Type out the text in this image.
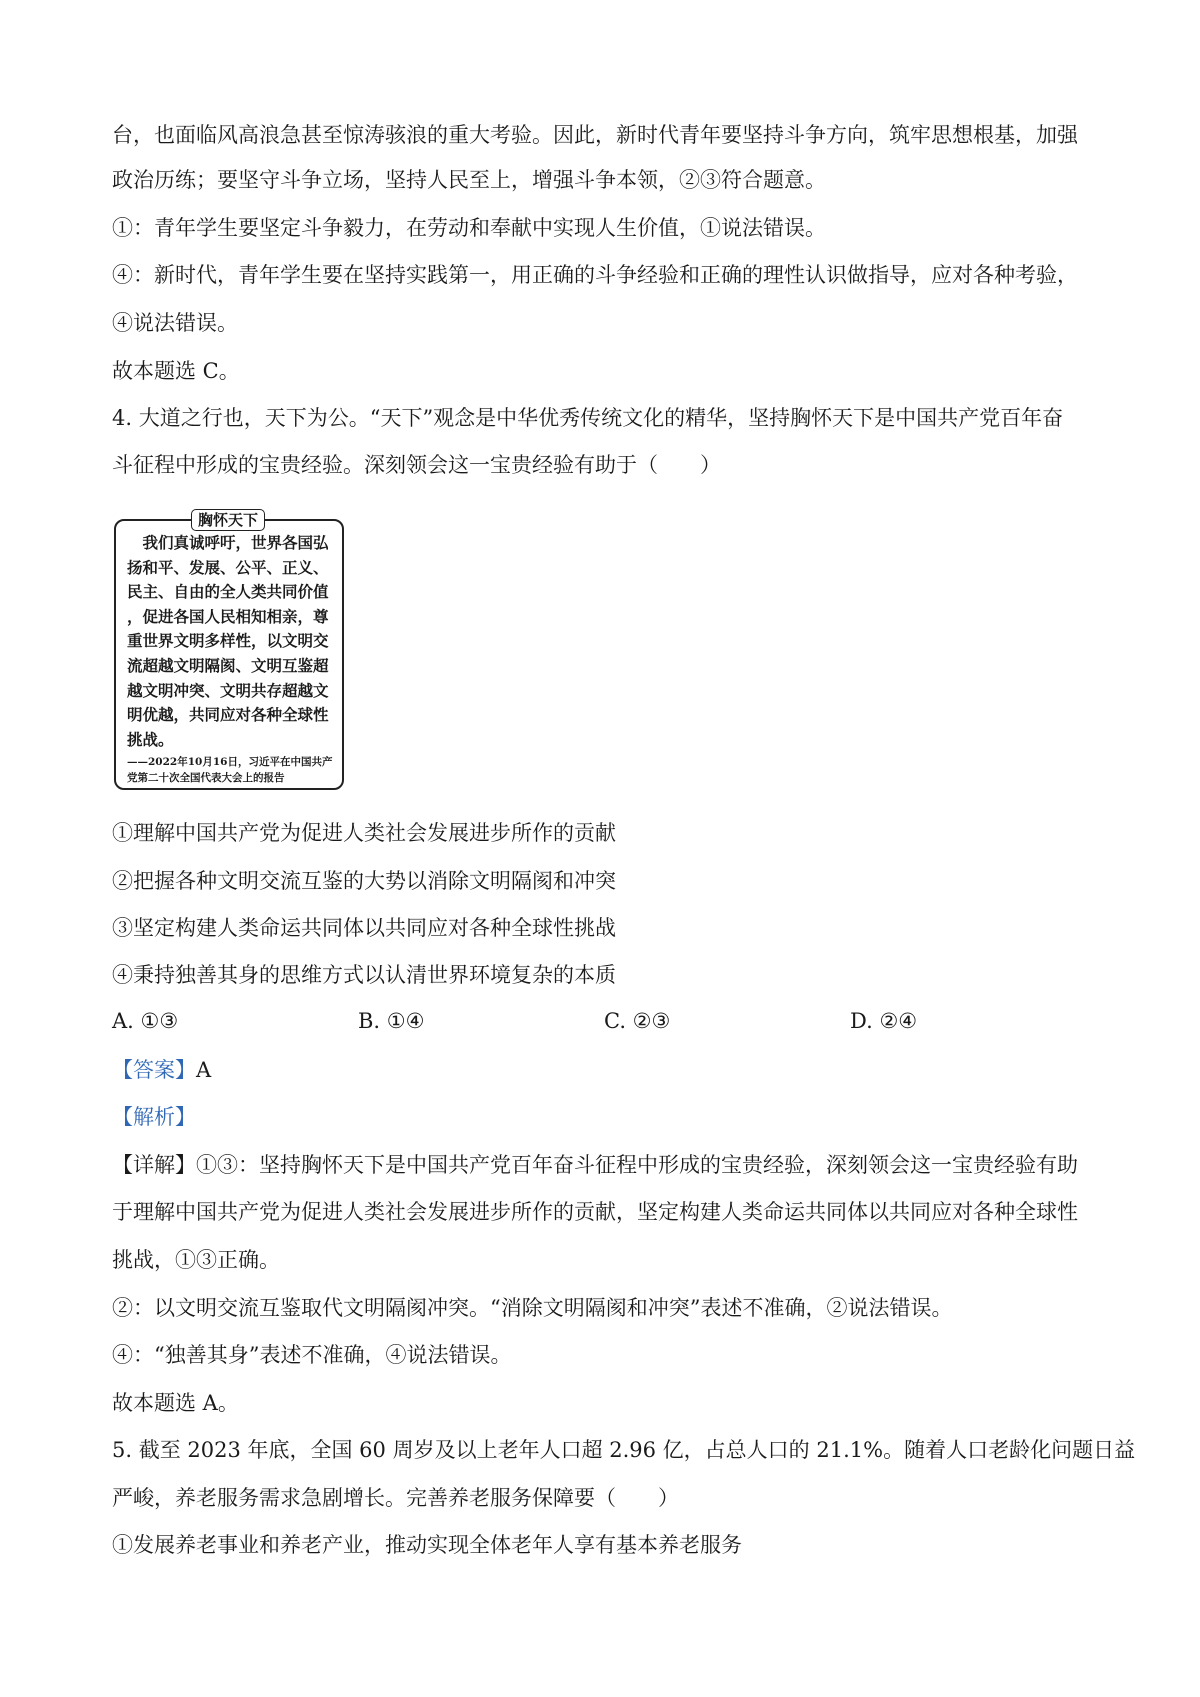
台，也面临风高浪急甚至惊涛骇浪的重大考验。因此，新时代青年要坚持斗争方向，筑牢思想根基，加强
政治历练；要坚守斗争立场，坚持人民至上，增强斗争本领，②③符合题意。
①：青年学生要坚定斗争毅力，在劳动和奉献中实现人生价值，①说法错误。
④：新时代，青年学生要在坚持实践第一，用正确的斗争经验和正确的理性认识做指导，应对各种考验，
④说法错误。
故本题选 C。
4. 大道之行也，天下为公。“天下”观念是中华优秀传统文化的精华，坚持胸怀天下是中国共产党百年奋
斗征程中形成的宝贵经验。深刻领会这一宝贵经验有助于（　　）
胸怀天下
　我们真诚呼吁，世界各国弘
扬和平、发展、公平、正义、
民主、自由的全人类共同价值
，促进各国人民相知相亲，尊
重世界文明多样性，以文明交
流超越文明隔阂、文明互鉴超
越文明冲突、文明共存超越文
明优越，共同应对各种全球性
挑战。
——2022年10月16日，习近平在中国共产
党第二十次全国代表大会上的报告
①理解中国共产党为促进人类社会发展进步所作的贡献
②把握各种文明交流互鉴的大势以消除文明隔阂和冲突
③坚定构建人类命运共同体以共同应对各种全球性挑战
④秉持独善其身的思维方式以认清世界环境复杂的本质
A. ①③	B. ①④	C. ②③	D. ②④
【答案】A
【解析】
【详解】①③：坚持胸怀天下是中国共产党百年奋斗征程中形成的宝贵经验，深刻领会这一宝贵经验有助
于理解中国共产党为促进人类社会发展进步所作的贡献，坚定构建人类命运共同体以共同应对各种全球性
挑战，①③正确。
②：以文明交流互鉴取代文明隔阂冲突。“消除文明隔阂和冲突”表述不准确，②说法错误。
④：“独善其身”表述不准确，④说法错误。
故本题选 A。
5. 截至 2023 年底，全国 60 周岁及以上老年人口超 2.96 亿，占总人口的 21.1%。随着人口老龄化问题日益
严峻，养老服务需求急剧增长。完善养老服务保障要（　　）
①发展养老事业和养老产业，推动实现全体老年人享有基本养老服务
